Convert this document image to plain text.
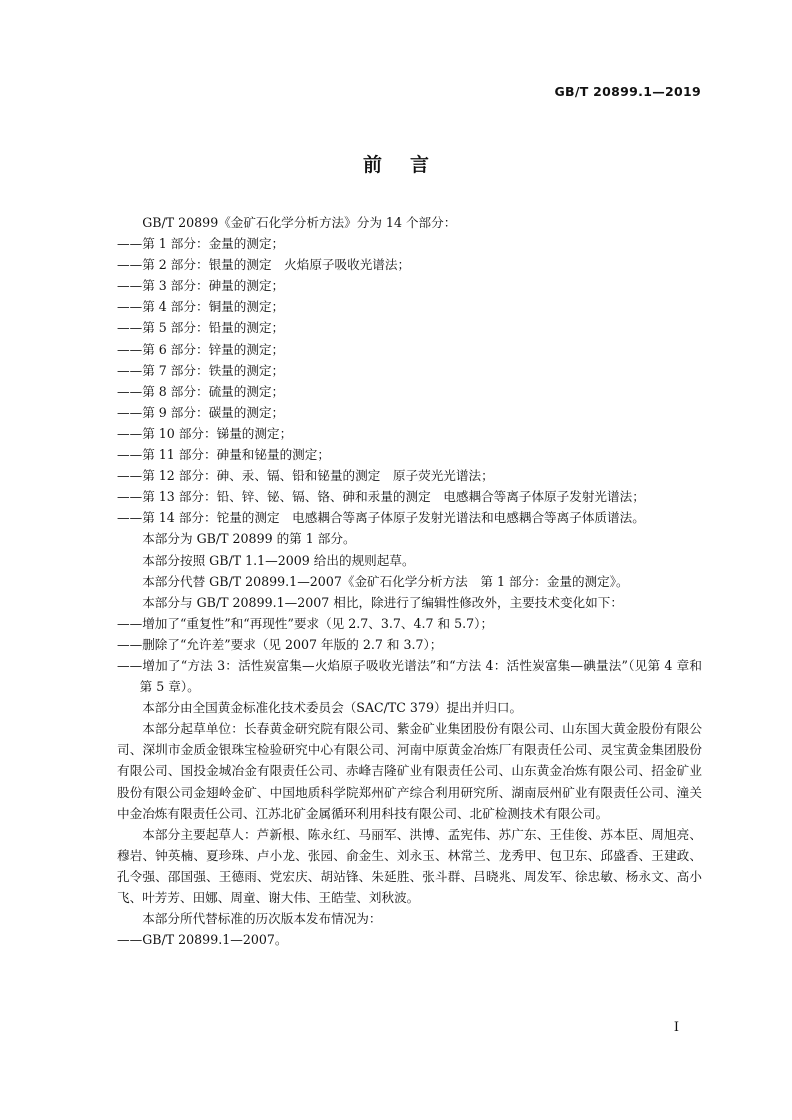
GB/T 20899.1—2019
前言

GB/T 20899《金矿石化学分析方法》分为 14 个部分：

——第 1 部分：金量的测定；

——第 2 部分：银量的测定　火焰原子吸收光谱法；

——第 3 部分：砷量的测定；

——第 4 部分：铜量的测定；

——第 5 部分：铅量的测定；

——第 6 部分：锌量的测定；

——第 7 部分：铁量的测定；

——第 8 部分：硫量的测定；

——第 9 部分：碳量的测定；

——第 10 部分：锑量的测定；

——第 11 部分：砷量和铋量的测定；

——第 12 部分：砷、汞、镉、铅和铋量的测定　原子荧光光谱法；

——第 13 部分：铅、锌、铋、镉、铬、砷和汞量的测定　电感耦合等离子体原子发射光谱法；

——第 14 部分：铊量的测定　电感耦合等离子体原子发射光谱法和电感耦合等离子体质谱法。

本部分为 GB/T 20899 的第 1 部分。

本部分按照 GB/T 1.1—2009 给出的规则起草。

本部分代替 GB/T 20899.1—2007《金矿石化学分析方法　第 1 部分：金量的测定》。

本部分与 GB/T 20899.1—2007 相比，除进行了编辑性修改外，主要技术变化如下：

——增加了“重复性”和“再现性”要求（见 2.7、3.7、4.7 和 5.7）；

——删除了“允许差”要求（见 2007 年版的 2.7 和 3.7）；

——增加了“方法 3：活性炭富集—火焰原子吸收光谱法”和“方法 4：活性炭富集—碘量法”（见第 4 章和第 5 章）。

本部分由全国黄金标准化技术委员会（SAC/TC 379）提出并归口。

本部分起草单位：长春黄金研究院有限公司、紫金矿业集团股份有限公司、山东国大黄金股份有限公司、深圳市金质金银珠宝检验研究中心有限公司、河南中原黄金冶炼厂有限责任公司、灵宝黄金集团股份有限公司、国投金城冶金有限责任公司、赤峰吉隆矿业有限责任公司、山东黄金冶炼有限公司、招金矿业股份有限公司金翅岭金矿、中国地质科学院郑州矿产综合利用研究所、湖南辰州矿业有限责任公司、潼关中金冶炼有限责任公司、江苏北矿金属循环利用科技有限公司、北矿检测技术有限公司。

本部分主要起草人：芦新根、陈永红、马丽军、洪博、孟宪伟、苏广东、王佳俊、苏本臣、周旭亮、穆岩、钟英楠、夏珍珠、卢小龙、张园、俞金生、刘永玉、林常兰、龙秀甲、包卫东、邱盛香、王建政、孔令强、邵国强、王德雨、党宏庆、胡站锋、朱延胜、张斗群、吕晓兆、周发军、徐忠敏、杨永文、高小飞、叶芳芳、田娜、周童、谢大伟、王皓莹、刘秋波。

本部分所代替标准的历次版本发布情况为：

——GB/T 20899.1—2007。

I
